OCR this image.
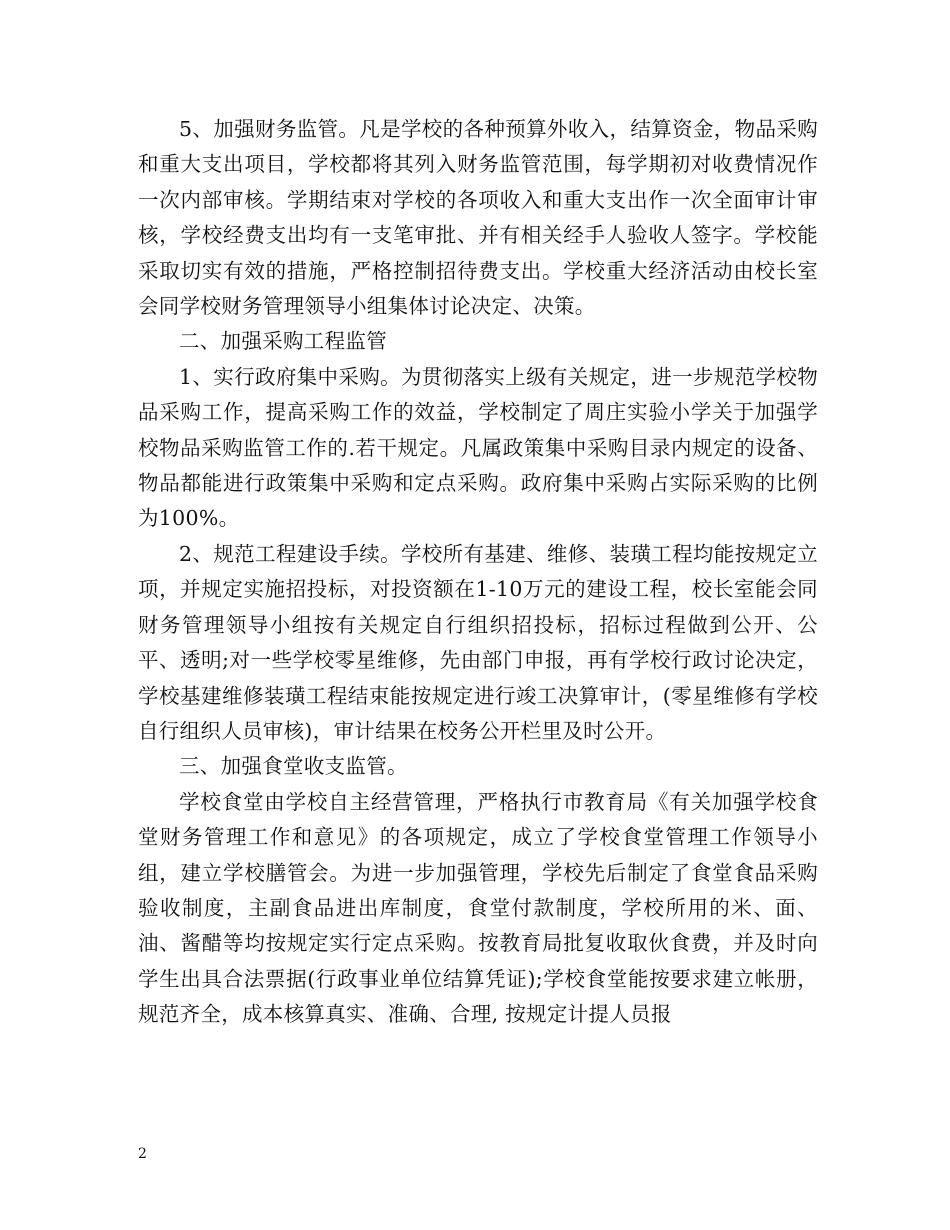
5、加强财务监管。凡是学校的各种预算外收入，结算资金，物品采购和重大支出项目，学校都将其列入财务监管范围，每学期初对收费情况作一次内部审核。学期结束对学校的各项收入和重大支出作一次全面审计审核，学校经费支出均有一支笔审批、并有相关经手人验收人签字。学校能采取切实有效的措施，严格控制招待费支出。学校重大经济活动由校长室会同学校财务管理领导小组集体讨论决定、决策。

二、加强采购工程监管

1、实行政府集中采购。为贯彻落实上级有关规定，进一步规范学校物品采购工作，提高采购工作的效益，学校制定了周庄实验小学关于加强学校物品采购监管工作的.若干规定。凡属政策集中采购目录内规定的设备、物品都能进行政策集中采购和定点采购。政府集中采购占实际采购的比例为100%。

2、规范工程建设手续。学校所有基建、维修、装璜工程均能按规定立项，并规定实施招投标，对投资额在1-10万元的建设工程，校长室能会同财务管理领导小组按有关规定自行组织招投标，招标过程做到公开、公平、透明;对一些学校零星维修，先由部门申报，再有学校行政讨论决定，学校基建维修装璜工程结束能按规定进行竣工决算审计，(零星维修有学校自行组织人员审核)，审计结果在校务公开栏里及时公开。

三、加强食堂收支监管。

学校食堂由学校自主经营管理，严格执行市教育局《有关加强学校食堂财务管理工作和意见》的各项规定，成立了学校食堂管理工作领导小组，建立学校膳管会。为进一步加强管理，学校先后制定了食堂食品采购验收制度，主副食品进出库制度，食堂付款制度，学校所用的米、面、油、酱醋等均按规定实行定点采购。按教育局批复收取伙食费，并及时向学生出具合法票据(行政事业单位结算凭证);学校食堂能按要求建立帐册，规范齐全，成本核算真实、准确、合理, 按规定计提人员报

2
